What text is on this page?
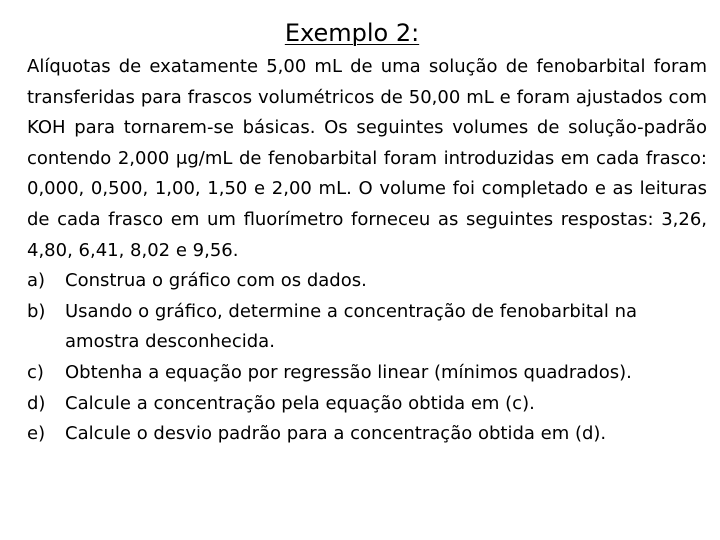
Exemplo 2:

Alíquotas de exatamente 5,00 mL de uma solução de fenobarbital foram transferidas para frascos volumétricos de 50,00 mL e foram ajustados com KOH para tornarem-se básicas. Os seguintes volumes de solução-padrão contendo 2,000 μg/mL de fenobarbital foram introduzidas em cada frasco: 0,000, 0,500, 1,00, 1,50 e 2,00 mL. O volume foi completado e as leituras de cada frasco em um fluorímetro forneceu as seguintes respostas: 3,26, 4,80, 6,41, 8,02 e 9,56.

a)	Construa o gráfico com os dados.
b)	Usando o gráfico, determine a concentração de fenobarbital na amostra desconhecida.
c)	Obtenha a equação por regressão linear (mínimos quadrados).
d)	Calcule a concentração pela equação obtida em (c).
e)	Calcule o desvio padrão para a concentração obtida em (d).
